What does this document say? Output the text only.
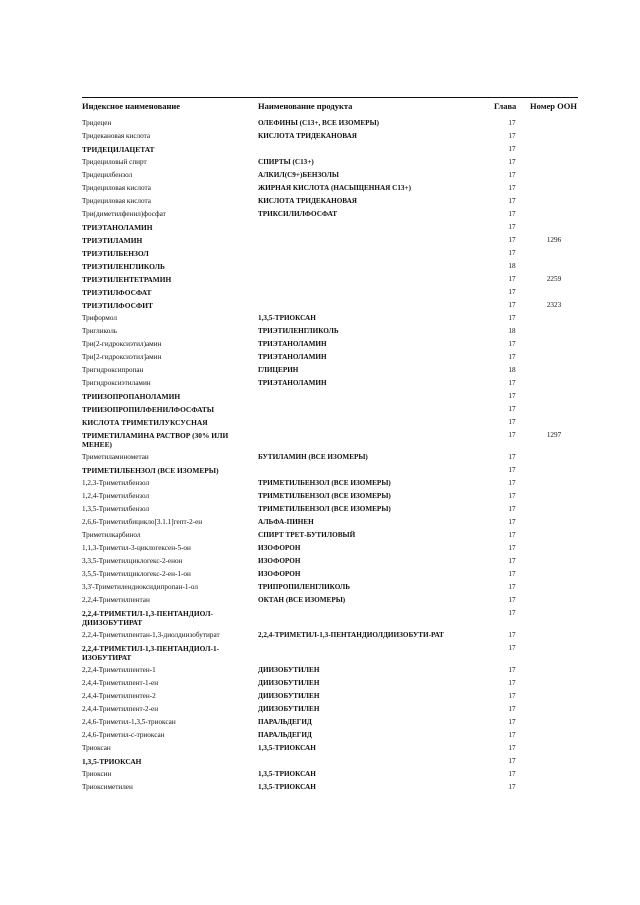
Индексное наименование	Наименование продукта	Глава	Номер ООН
Тридецен	ОЛЕФИНЫ (С13+, ВСЕ ИЗОМЕРЫ)	17	
Тридекановая кислота	КИСЛОТА ТРИДЕКАНОВАЯ	17	
ТРИДЕЦИЛАЦЕТАТ		17	
Тридециловый спирт	СПИРТЫ (С13+)	17	
Тридецилбензол	АЛКИЛ(С9+)БЕНЗОЛЫ	17	
Тридециловая кислота	ЖИРНАЯ КИСЛОТА (НАСЫЩЕННАЯ С13+)	17	
Тридециловая кислота	КИСЛОТА ТРИДЕКАНОВАЯ	17	
Три(диметилфенил)фосфат	ТРИКСИЛИЛФОСФАТ	17	
ТРИЭТАНОЛАМИН		17	
ТРИЭТИЛАМИН		17	1296
ТРИЭТИЛБЕНЗОЛ		17	
ТРИЭТИЛЕНГЛИКОЛЬ		18	
ТРИЭТИЛЕНТЕТРАМИН		17	2259
ТРИЭТИЛФОСФАТ		17	
ТРИЭТИЛФОСФИТ		17	2323
Триформол	1,3,5-ТРИОКСАН	17	
Тригликоль	ТРИЭТИЛЕНГЛИКОЛЬ	18	
Три(2-гидроксиэтил)амин	ТРИЭТАНОЛАМИН	17	
Три[2-гидроксиэтил]амин	ТРИЭТАНОЛАМИН	17	
Тригидроксипропан	ГЛИЦЕРИН	18	
Тригидроксиэтиламин	ТРИЭТАНОЛАМИН	17	
ТРИИЗОПРОПАНОЛАМИН		17	
ТРИИЗОПРОПИЛФЕНИЛФОСФАТЫ		17	
КИСЛОТА ТРИМЕТИЛУКСУСНАЯ		17	
ТРИМЕТИЛАМИНА РАСТВОР (30% ИЛИ МЕНЕЕ)		17	1297
Триметиламинометан	БУТИЛАМИН (ВСЕ ИЗОМЕРЫ)	17	
ТРИМЕТИЛБЕНЗОЛ (ВСЕ ИЗОМЕРЫ)		17	
1,2,3-Триметилбензол	ТРИМЕТИЛБЕНЗОЛ (ВСЕ ИЗОМЕРЫ)	17	
1,2,4-Триметилбензол	ТРИМЕТИЛБЕНЗОЛ (ВСЕ ИЗОМЕРЫ)	17	
1,3,5-Триметилбензол	ТРИМЕТИЛБЕНЗОЛ (ВСЕ ИЗОМЕРЫ)	17	
2,6,6-Триметилбицикло[3.1.1]гепт-2-ен	АЛЬФА-ПИНЕН	17	
Триметилкарбинол	СПИРТ ТРЕТ-БУТИЛОВЫЙ	17	
1,1,3-Триметил-3-циклогексен-5-он	ИЗОФОРОН	17	
3,3,5-Триметилциклогекс-2-енон	ИЗОФОРОН	17	
3,5,5-Триметилциклогекс-2-ен-1-он	ИЗОФОРОН	17	
3,3'-Триметилендиоксидипропан-1-ол	ТРИПРОПИЛЕНГЛИКОЛЬ	17	
2,2,4-Триметилпентан	ОКТАН (ВСЕ ИЗОМЕРЫ)	17	
2,2,4-ТРИМЕТИЛ-1,3-ПЕНТАНДИОЛ-ДИИЗОБУТИРАТ		17	
2,2,4-Триметилпентан-1,3-диолдиизобутират	2,2,4-ТРИМЕТИЛ-1,3-ПЕНТАНДИОЛДИИЗОБУТИ-РАТ	17	
2,2,4-ТРИМЕТИЛ-1,3-ПЕНТАНДИОЛ-1-ИЗОБУТИРАТ		17	
2,2,4-Триметилпентен-1	ДИИЗОБУТИЛЕН	17	
2,4,4-Триметилпент-1-ен	ДИИЗОБУТИЛЕН	17	
2,4,4-Триметилпентен-2	ДИИЗОБУТИЛЕН	17	
2,4,4-Триметилпент-2-ен	ДИИЗОБУТИЛЕН	17	
2,4,6-Триметил-1,3,5-триоксан	ПАРАЛЬДЕГИД	17	
2,4,6-Триметил-с-триоксан	ПАРАЛЬДЕГИД	17	
Триоксан	1,3,5-ТРИОКСАН	17	
1,3,5-ТРИОКСАН		17	
Триоксин	1,3,5-ТРИОКСАН	17	
Триоксиметилен	1,3,5-ТРИОКСАН	17	
